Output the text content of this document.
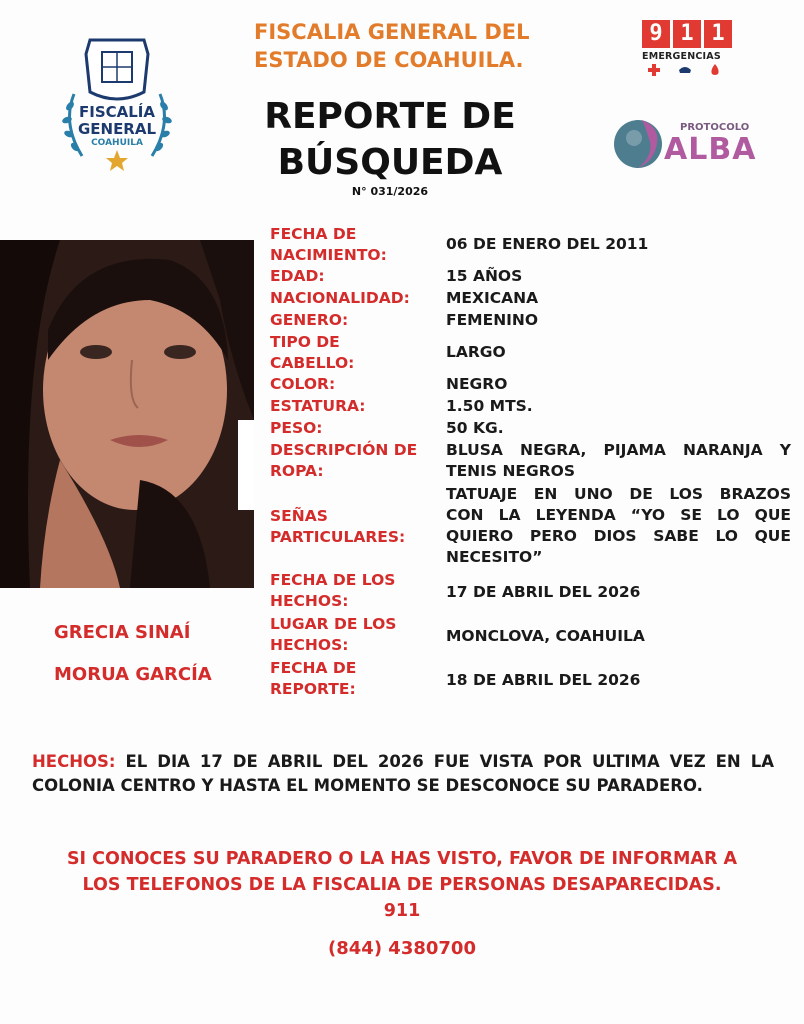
FISCALÍA
GENERAL
COAHUILA
FISCALIA GENERAL DEL
ESTADO DE COAHUILA.
REPORTE DE
BÚSQUEDA
N° 031/2026
9 1 1
EMERGENCIAS
PROTOCOLO
ALBA
GRECIA SINAÍ
MORUA GARCÍA
FECHA DE
NACIMIENTO:
06 DE ENERO DEL 2011
EDAD:	15 AÑOS
NACIONALIDAD:	MEXICANA
GENERO:	FEMENINO
TIPO DE
CABELLO:
LARGO
COLOR:	NEGRO
ESTATURA:	1.50 MTS.
PESO:	50 KG.
DESCRIPCIÓN DE
ROPA:
BLUSA NEGRA, PIJAMA NARANJA Y
TENIS NEGROS
SEÑAS
PARTICULARES:
TATUAJE EN UNO DE LOS BRAZOS
CON LA LEYENDA “YO SE LO QUE
QUIERO PERO DIOS SABE LO QUE
NECESITO”
FECHA DE LOS
HECHOS:	17 DE ABRIL DEL 2026
LUGAR DE LOS
HECHOS:	MONCLOVA, COAHUILA
FECHA DE
REPORTE:	18 DE ABRIL DEL 2026
HECHOS: EL DIA 17 DE ABRIL DEL 2026 FUE VISTA POR ULTIMA VEZ EN LA COLONIA CENTRO Y HASTA EL MOMENTO SE DESCONOCE SU PARADERO.
SI CONOCES SU PARADERO O LA HAS VISTO, FAVOR DE INFORMAR A
LOS TELEFONOS DE LA FISCALIA DE PERSONAS DESAPARECIDAS.
911
(844) 4380700
